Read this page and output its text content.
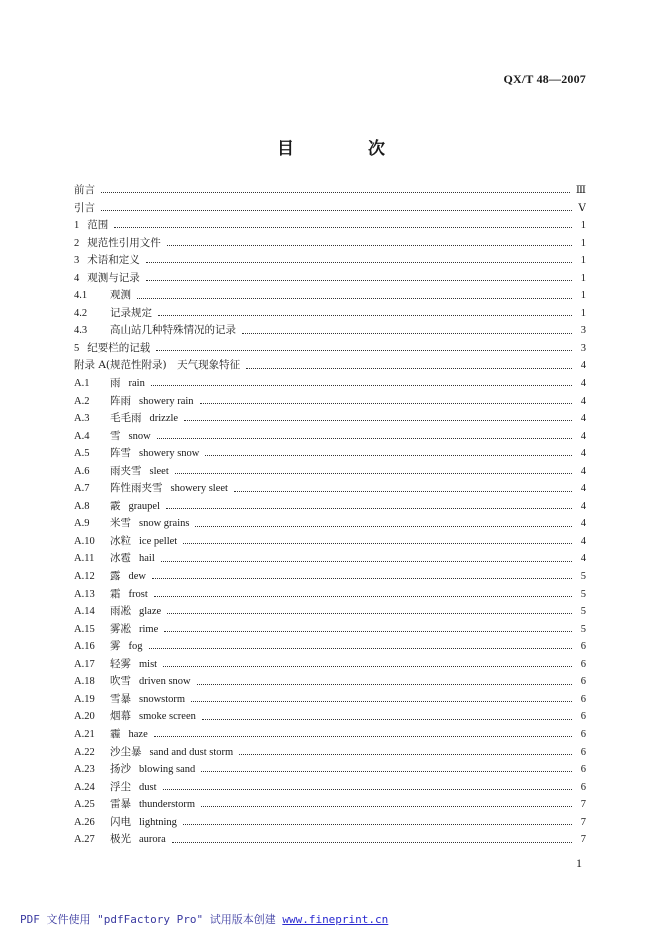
QX/T 48—2007
目 次
前言	Ⅲ
引言	Ⅴ
1 范围	1
2 规范性引用文件	1
3 术语和定义	1
4 观测与记录	1
4.1	观测	1
4.2	记录规定	1
4.3	高山站几种特殊情况的记录	3
5 纪要栏的记载	3
附录 A(规范性附录)　天气现象特征	4
A.1	雨 rain	4
A.2	阵雨 showery rain	4
A.3	毛毛雨 drizzle	4
A.4	雪 snow	4
A.5	阵雪 showery snow	4
A.6	雨夹雪 sleet	4
A.7	阵性雨夹雪 showery sleet	4
A.8	霰 graupel	4
A.9	米雪 snow grains	4
A.10	冰粒 ice pellet	4
A.11	冰雹 hail	4
A.12	露 dew	5
A.13	霜 frost	5
A.14	雨凇 glaze	5
A.15	雾凇 rime	5
A.16	雾 fog	6
A.17	轻雾 mist	6
A.18	吹雪 driven snow	6
A.19	雪暴 snowstorm	6
A.20	烟幕 smoke screen	6
A.21	霾 haze	6
A.22	沙尘暴 sand and dust storm	6
A.23	扬沙 blowing sand	6
A.24	浮尘 dust	6
A.25	雷暴 thunderstorm	7
A.26	闪电 lightning	7
A.27	极光 aurora	7
1
PDF 文件使用 "pdfFactory Pro" 试用版本创建 www.fineprint.cn
